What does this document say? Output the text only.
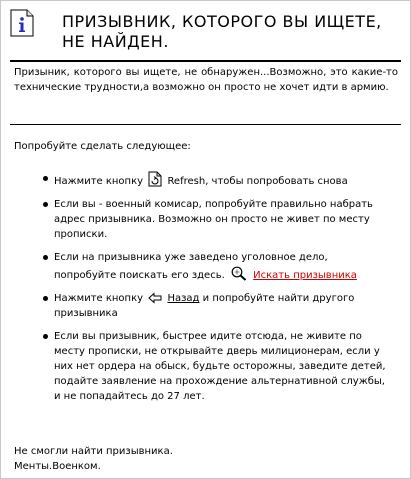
ПРИЗЫВНИК, КОТОРОГО ВЫ ИЩЕТЕ, НЕ НАЙДЕН.
Призыник, которого вы ищете, не обнаружен...Возможно, это какие-то технические трудности,а возможно он просто не хочет идти в армию.
Попробуйте сделать следующее:
Нажмите кнопку Refresh, чтобы попробовать снова
Если вы - военный комисар, попробуйте правильно набрать адрес призывника. Возможно он просто не живет по месту прописки.
Если на призывника уже заведено уголовное дело, попробуйте поискать его здесь.	Искать призывника
Нажмите кнопку Назад и попробуйте найти другого призывника
Если вы призывник, быстрее идите отсюда, не живите по месту прописки, не открывайте дверь милиционерам, если у них нет ордера на обыск, будьте осторожны, заведите детей, подайте заявление на прохождение альтернативной службы, и не попадайтесь до 27 лет.
Не смогли найти призывника.
Менты.Военком.
